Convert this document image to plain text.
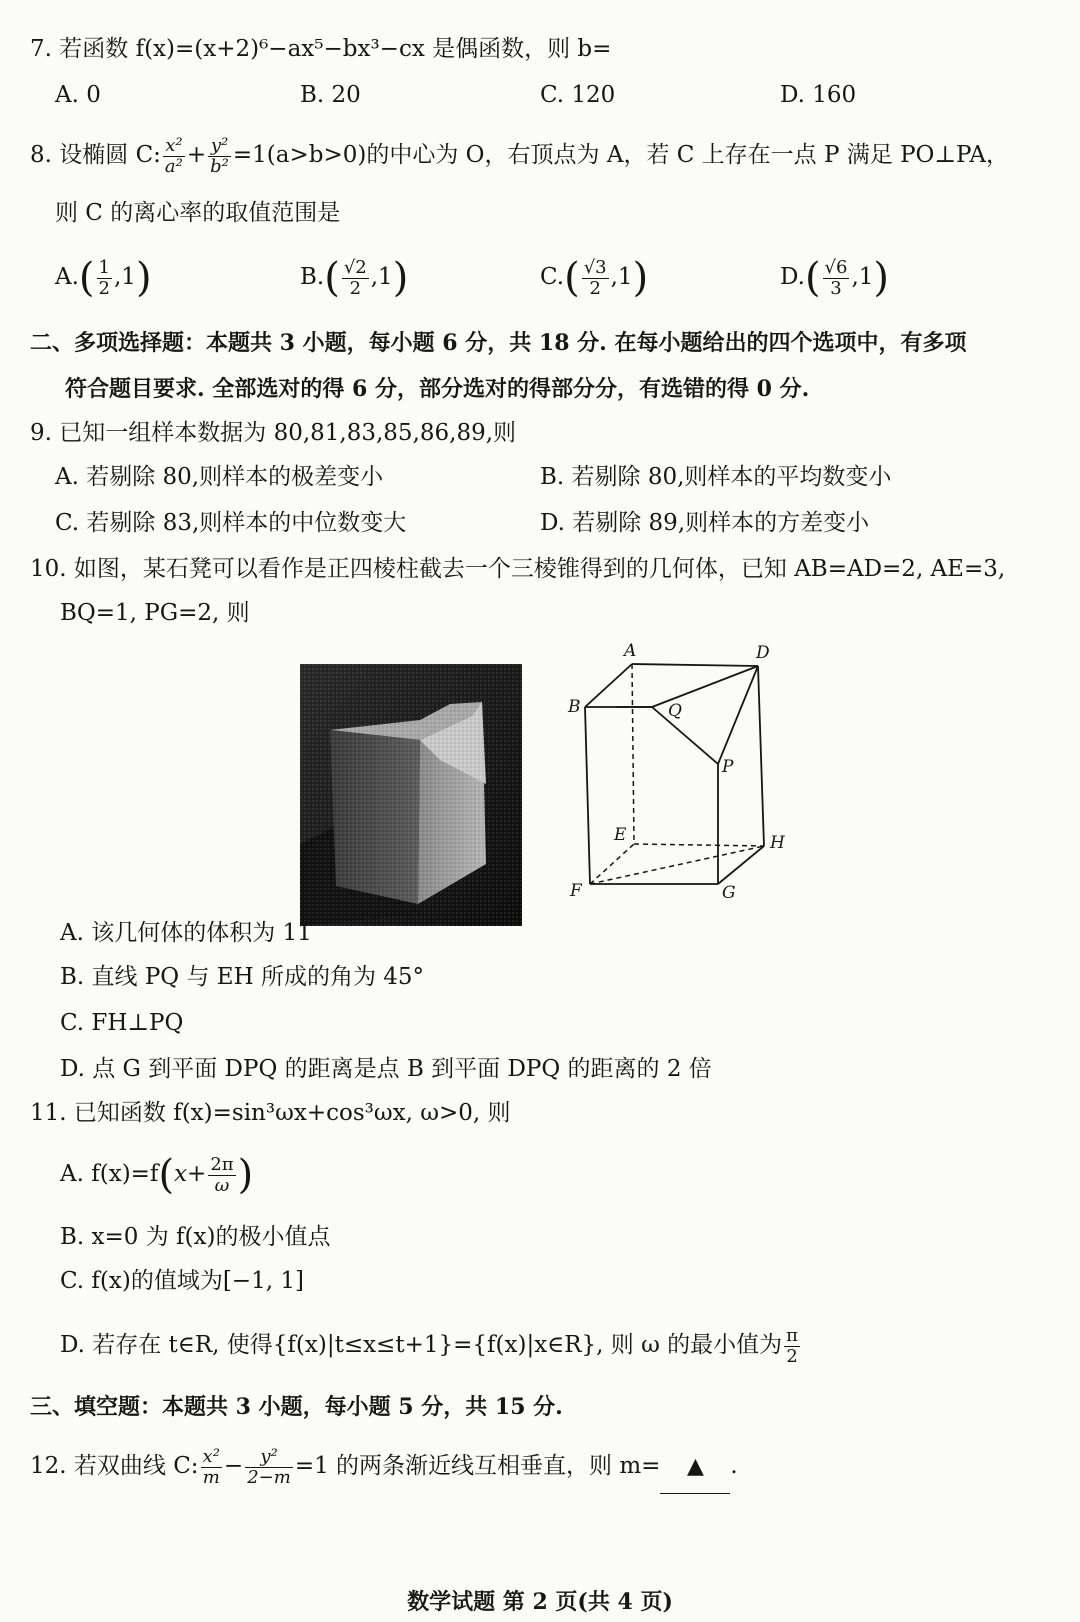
7. 若函数 f(x)=(x+2)⁶−ax⁵−bx³−cx 是偶函数，则 b=
A. 0	B. 20	C. 120	D. 160
8. 设椭圆 C: $\frac{\text{x²}}{\text{a²}} + \frac{\text{y²}}{\text{b²}} =1(a>b>0)$的中心为 O，右顶点为 A，若 C 上存在一点 P 满足 PO⊥PA，
则 C 的离心率的取值范围是
$A.( \frac{1}{2} ,1)$	$B.( \frac{√2}{2} ,1)$	$C.( \frac{√3}{2} ,1)$	$D.( \frac{√6}{3} ,1)$
二、多项选择题：本题共 3 小题，每小题 6 分，共 18 分. 在每小题给出的四个选项中，有多项
符合题目要求. 全部选对的得 6 分，部分选对的得部分分，有选错的得 0 分.
9. 已知一组样本数据为 80,81,83,85,86,89,则
A. 若剔除 80,则样本的极差变小	B. 若剔除 80,则样本的平均数变小
C. 若剔除 83,则样本的中位数变大	D. 若剔除 89,则样本的方差变小
10. 如图，某石凳可以看作是正四棱柱截去一个三棱锥得到的几何体，已知 AB=AD=2, AE=3,
BQ=1, PG=2, 则
A
B
D
Q
P
E	H
F	G
A. 该几何体的体积为 11
B. 直线 PQ 与 EH 所成的角为 45°
C. FH⊥PQ
D. 点 G 到平面 DPQ 的距离是点 B 到平面 DPQ 的距离的 2 倍
11. 已知函数 f(x)=sin³ωx+cos³ωx, ω>0, 则
A. $f(x)=f(x+ \frac{2\pi}{\omega}$ )
B. x=0 为 f(x)的极小值点
C. f(x)的值域为[−1, 1]
D. 若存在 t∈R, 使得{f(x)|t≤x≤t+1}={f(x)|x∈R}, 则 ω 的最小值为 $\frac{\pi}{2}$
三、填空题：本题共 3 小题，每小题 5 分，共 15 分.
12. 若双曲线 C: $\frac{\text{x²}}{m} - \frac{\text{y²}}{2-m} =1$ 的两条渐近线互相垂直，则 m= ▲ .
数学试题 第 2 页(共 4 页)
